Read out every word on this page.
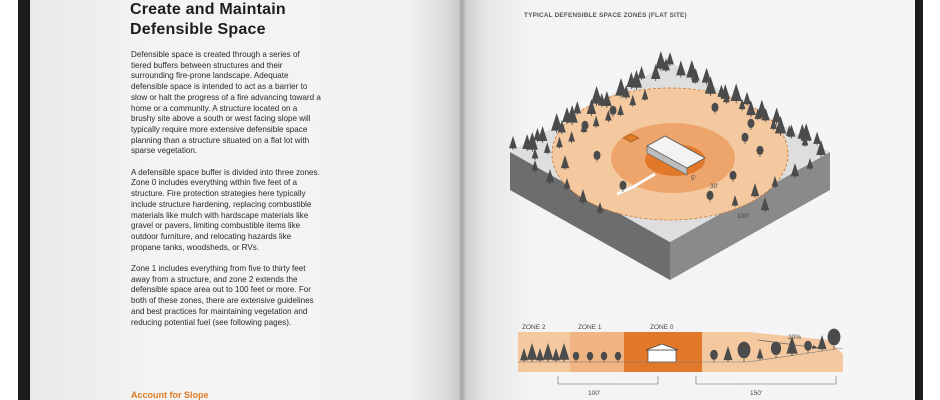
Create and Maintain
Defensible Space

Defensible space is created through a series of tiered buffers between structures and their surrounding fire-prone landscape. Adequate defensible space is intended to act as a barrier to slow or halt the progress of a fire advancing toward a home or a community. A structure located on a brushy site above a south or west facing slope will typically require more extensive defensible space planning than a structure situated on a flat lot with sparse vegetation.

A defensible space buffer is divided into three zones. Zone 0 includes everything within five feet of a structure. Fire protection strategies here typically include structure hardening, replacing combustible materials like mulch with hardscape materials like gravel or pavers, limiting combustible items like outdoor furniture, and relocating hazards like propane tanks, woodsheds, or RVs.

Zone 1 includes everything from five to thirty feet away from a structure, and zone 2 extends the defensible space area out to 100 feet or more. For both of these zones, there are extensive guidelines and best practices for maintaining vegetation and reducing potential fuel (see following pages).

Account for Slope
TYPICAL DEFENSIBLE SPACE ZONES (FLAT SITE)
5'
30'
100'
ZONE 2	ZONE 1	ZONE 0
20%
100'	150'
